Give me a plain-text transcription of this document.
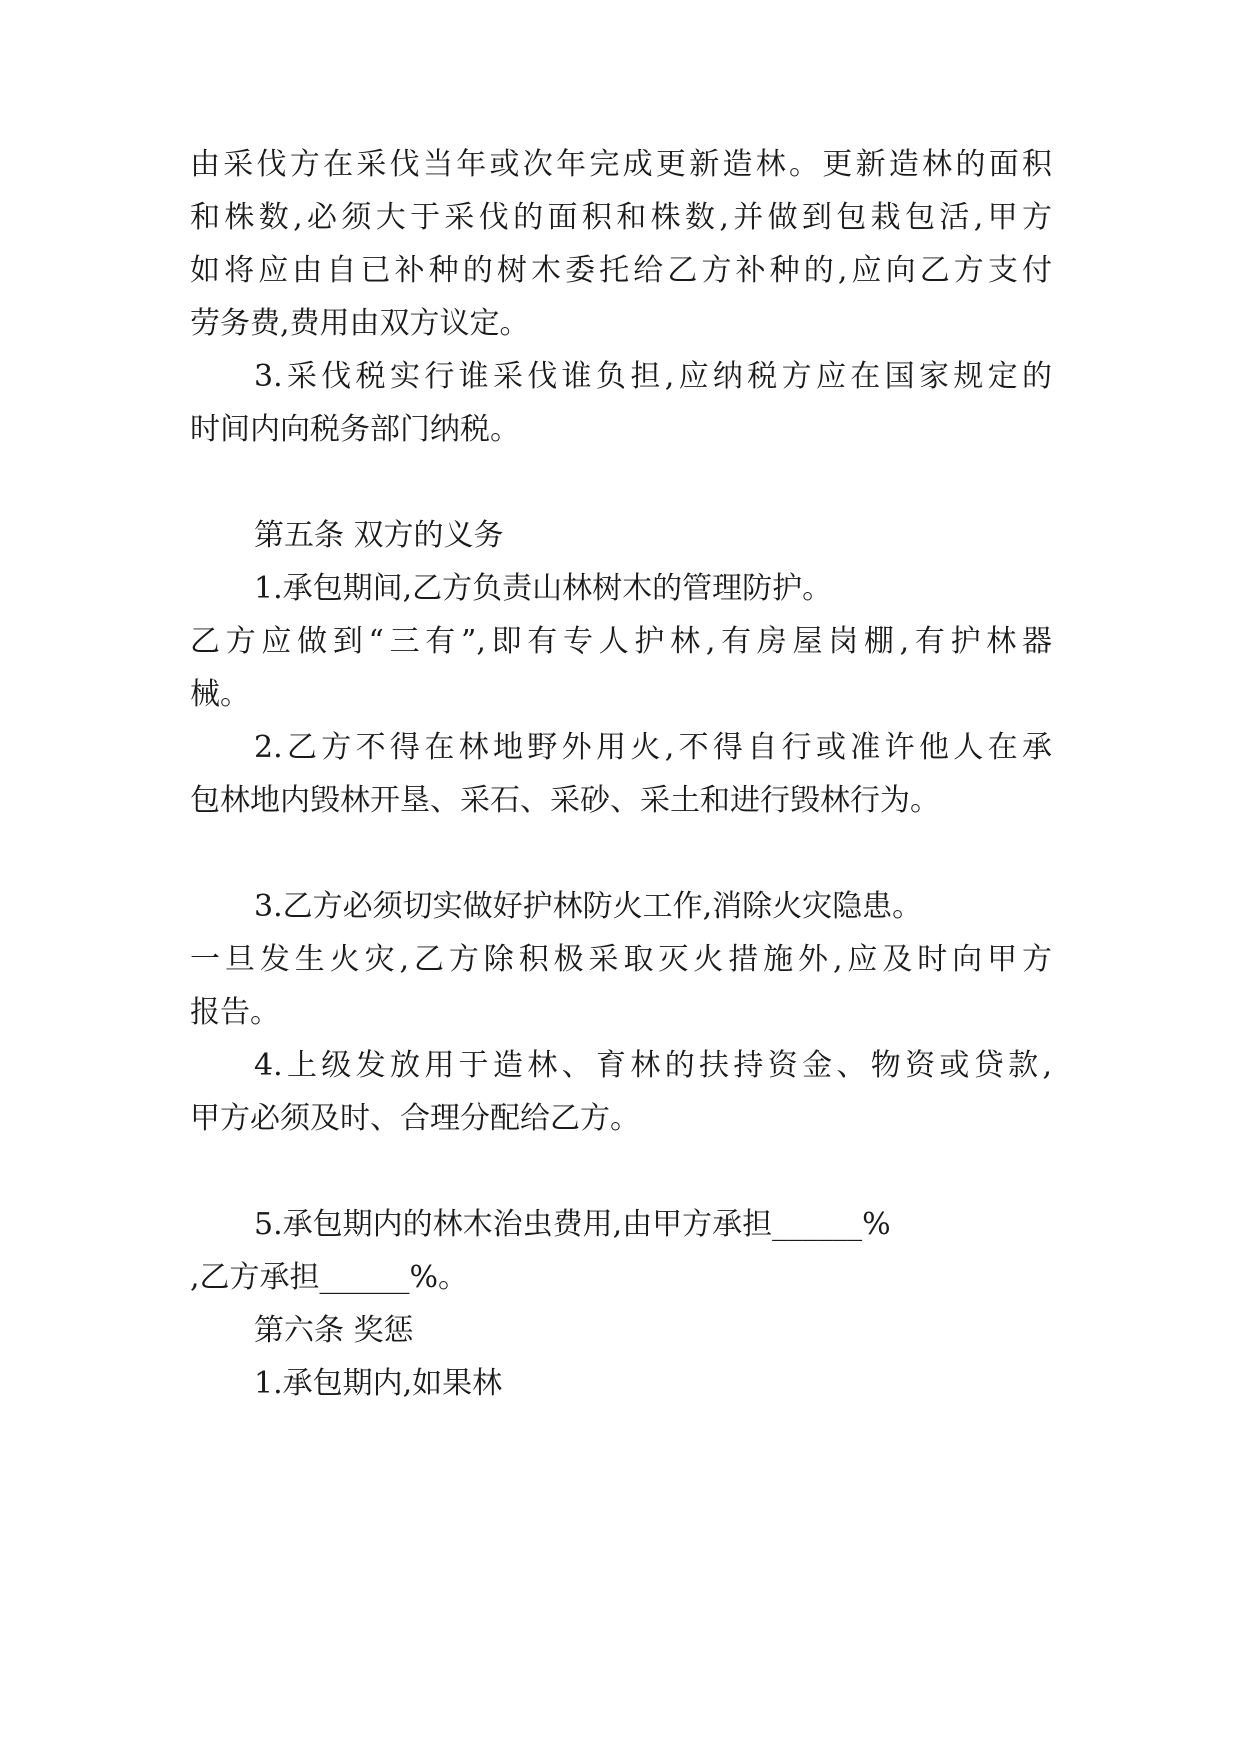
由采伐方在采伐当年或次年完成更新造林。更新造林的面积
和株数,必须大于采伐的面积和株数,并做到包栽包活,甲方
如将应由自已补种的树木委托给乙方补种的,应向乙方支付
劳务费,费用由双方议定。
3.采伐税实行谁采伐谁负担,应纳税方应在国家规定的
时间内向税务部门纳税。
第五条 双方的义务
1.承包期间,乙方负责山林树木的管理防护。
乙方应做到“三有”,即有专人护林,有房屋岗棚,有护林器
械。
2.乙方不得在林地野外用火,不得自行或准许他人在承
包林地内毁林开垦、采石、采砂、采土和进行毁林行为。
3.乙方必须切实做好护林防火工作,消除火灾隐患。
一旦发生火灾,乙方除积极采取灭火措施外,应及时向甲方
报告。
4.上级发放用于造林、育林的扶持资金、物资或贷款,
甲方必须及时、合理分配给乙方。
5.承包期内的林木治虫费用,由甲方承担______%
,乙方承担______%。
第六条 奖惩
1.承包期内,如果林
